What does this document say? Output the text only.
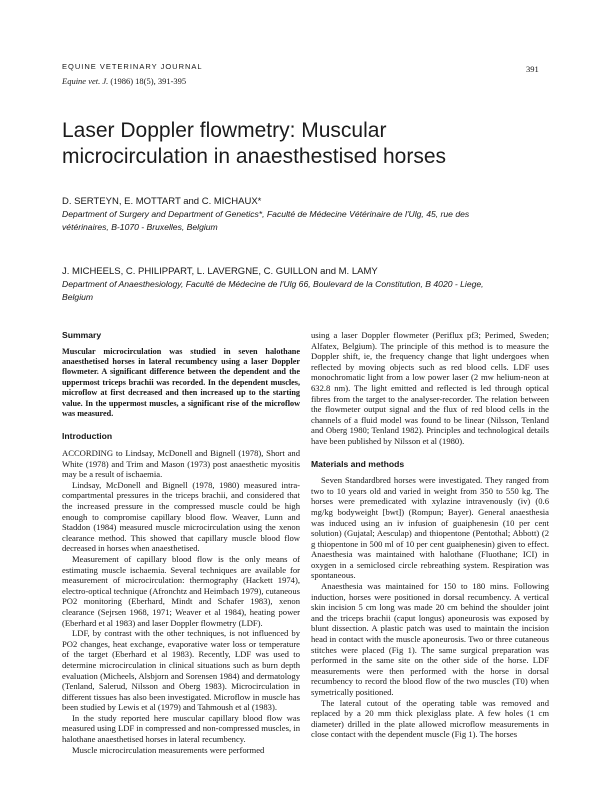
EQUINE VETERINARY JOURNAL
Equine vet. J. (1986) 18(5), 391-395
391
Laser Doppler flowmetry: Muscular
microcirculation in anaesthestised horses
D. SERTEYN, E. MOTTART and C. MICHAUX*
Department of Surgery and Department of Genetics*, Faculté de Médecine Vétérinaire de l'Ulg, 45, rue des
vétérinaires, B-1070 - Bruxelles, Belgium
J. MICHEELS, C. PHILIPPART, L. LAVERGNE, C. GUILLON and M. LAMY
Department of Anaesthesiology, Faculté de Médecine de l'Ulg 66, Boulevard de la Constitution, B 4020 - Liege,
Belgium
Summary

Muscular microcirculation was studied in seven halothane anaesthetised horses in lateral recumbency using a laser Doppler flowmeter. A significant difference between the dependent and the uppermost triceps brachii was recorded. In the dependent muscles, microflow at first decreased and then increased up to the starting value. In the uppermost muscles, a significant rise of the microflow was measured.

Introduction

ACCORDING to Lindsay, McDonell and Bignell (1978), Short and White (1978) and Trim and Mason (1973) post anaesthetic myositis may be a result of ischaemia.

Lindsay, McDonell and Bignell (1978, 1980) measured intra-compartmental pressures in the triceps brachii, and considered that the increased pressure in the compressed muscle could be high enough to compromise capillary blood flow. Weaver, Lunn and Staddon (1984) measured muscle microcirculation using the xenon clearance method. This showed that capillary muscle blood flow decreased in horses when anaesthetised.

Measurement of capillary blood flow is the only means of estimating muscle ischaemia. Several techniques are available for measurement of microcirculation: thermography (Hackett 1974), electro-optical technique (Afronchtz and Heimbach 1979), cutaneous PO2 monitoring (Eberhard, Mindt and Schafer 1983), xenon clearance (Sejrsen 1968, 1971; Weaver et al 1984), heating power (Eberhard et al 1983) and laser Doppler flowmetry (LDF).

LDF, by contrast with the other techniques, is not influenced by PO2 changes, heat exchange, evaporative water loss or temperature of the target (Eberhard et al 1983). Recently, LDF was used to determine microcirculation in clinical situations such as burn depth evaluation (Micheels, Alsbjorn and Sorensen 1984) and dermatology (Tenland, Salerud, Nilsson and Oberg 1983). Microcirculation in different tissues has also been investigated. Microflow in muscle has been studied by Lewis et al (1979) and Tahmoush et al (1983).

In the study reported here muscular capillary blood flow was measured using LDF in compressed and non-compressed muscles, in halothane anaesthetised horses in lateral recumbency.

Muscle microcirculation measurements were performed

using a laser Doppler flowmeter (Periflux pf3; Perimed, Sweden; Alfatex, Belgium). The principle of this method is to measure the Doppler shift, ie, the frequency change that light undergoes when reflected by moving objects such as red blood cells. LDF uses monochromatic light from a low power laser (2 mw helium-neon at 632.8 nm). The light emitted and reflected is led through optical fibres from the target to the analyser-recorder. The relation between the flowmeter output signal and the flux of red blood cells in the channels of a fluid model was found to be linear (Nilsson, Tenland and Oberg 1980; Tenland 1982). Principles and technological details have been published by Nilsson et al (1980).

Materials and methods

Seven Standardbred horses were investigated. They ranged from two to 10 years old and varied in weight from 350 to 550 kg. The horses were premedicated with xylazine intravenously (iv) (0.6 mg/kg bodyweight [bwt]) (Rompun; Bayer). General anaesthesia was induced using an iv infusion of guaiphenesin (10 per cent solution) (Gujatal; Aesculap) and thiopentone (Pentothal; Abbott) (2 g thiopentone in 500 ml of 10 per cent guaiphenesin) given to effect. Anaesthesia was maintained with halothane (Fluothane; ICI) in oxygen in a semiclosed circle rebreathing system. Respiration was spontaneous.

Anaesthesia was maintained for 150 to 180 mins. Following induction, horses were positioned in dorsal recumbency. A vertical skin incision 5 cm long was made 20 cm behind the shoulder joint and the triceps brachii (caput longus) aponeurosis was exposed by blunt dissection. A plastic patch was used to maintain the incision head in contact with the muscle aponeurosis. Two or three cutaneous stitches were placed (Fig 1). The same surgical preparation was performed in the same site on the other side of the horse. LDF measurements were then performed with the horse in dorsal recumbency to record the blood flow of the two muscles (T0) when symetrically positioned.

The lateral cutout of the operating table was removed and replaced by a 20 mm thick plexiglass plate. A few holes (1 cm diameter) drilled in the plate allowed microflow measurements in close contact with the dependent muscle (Fig 1). The horses
